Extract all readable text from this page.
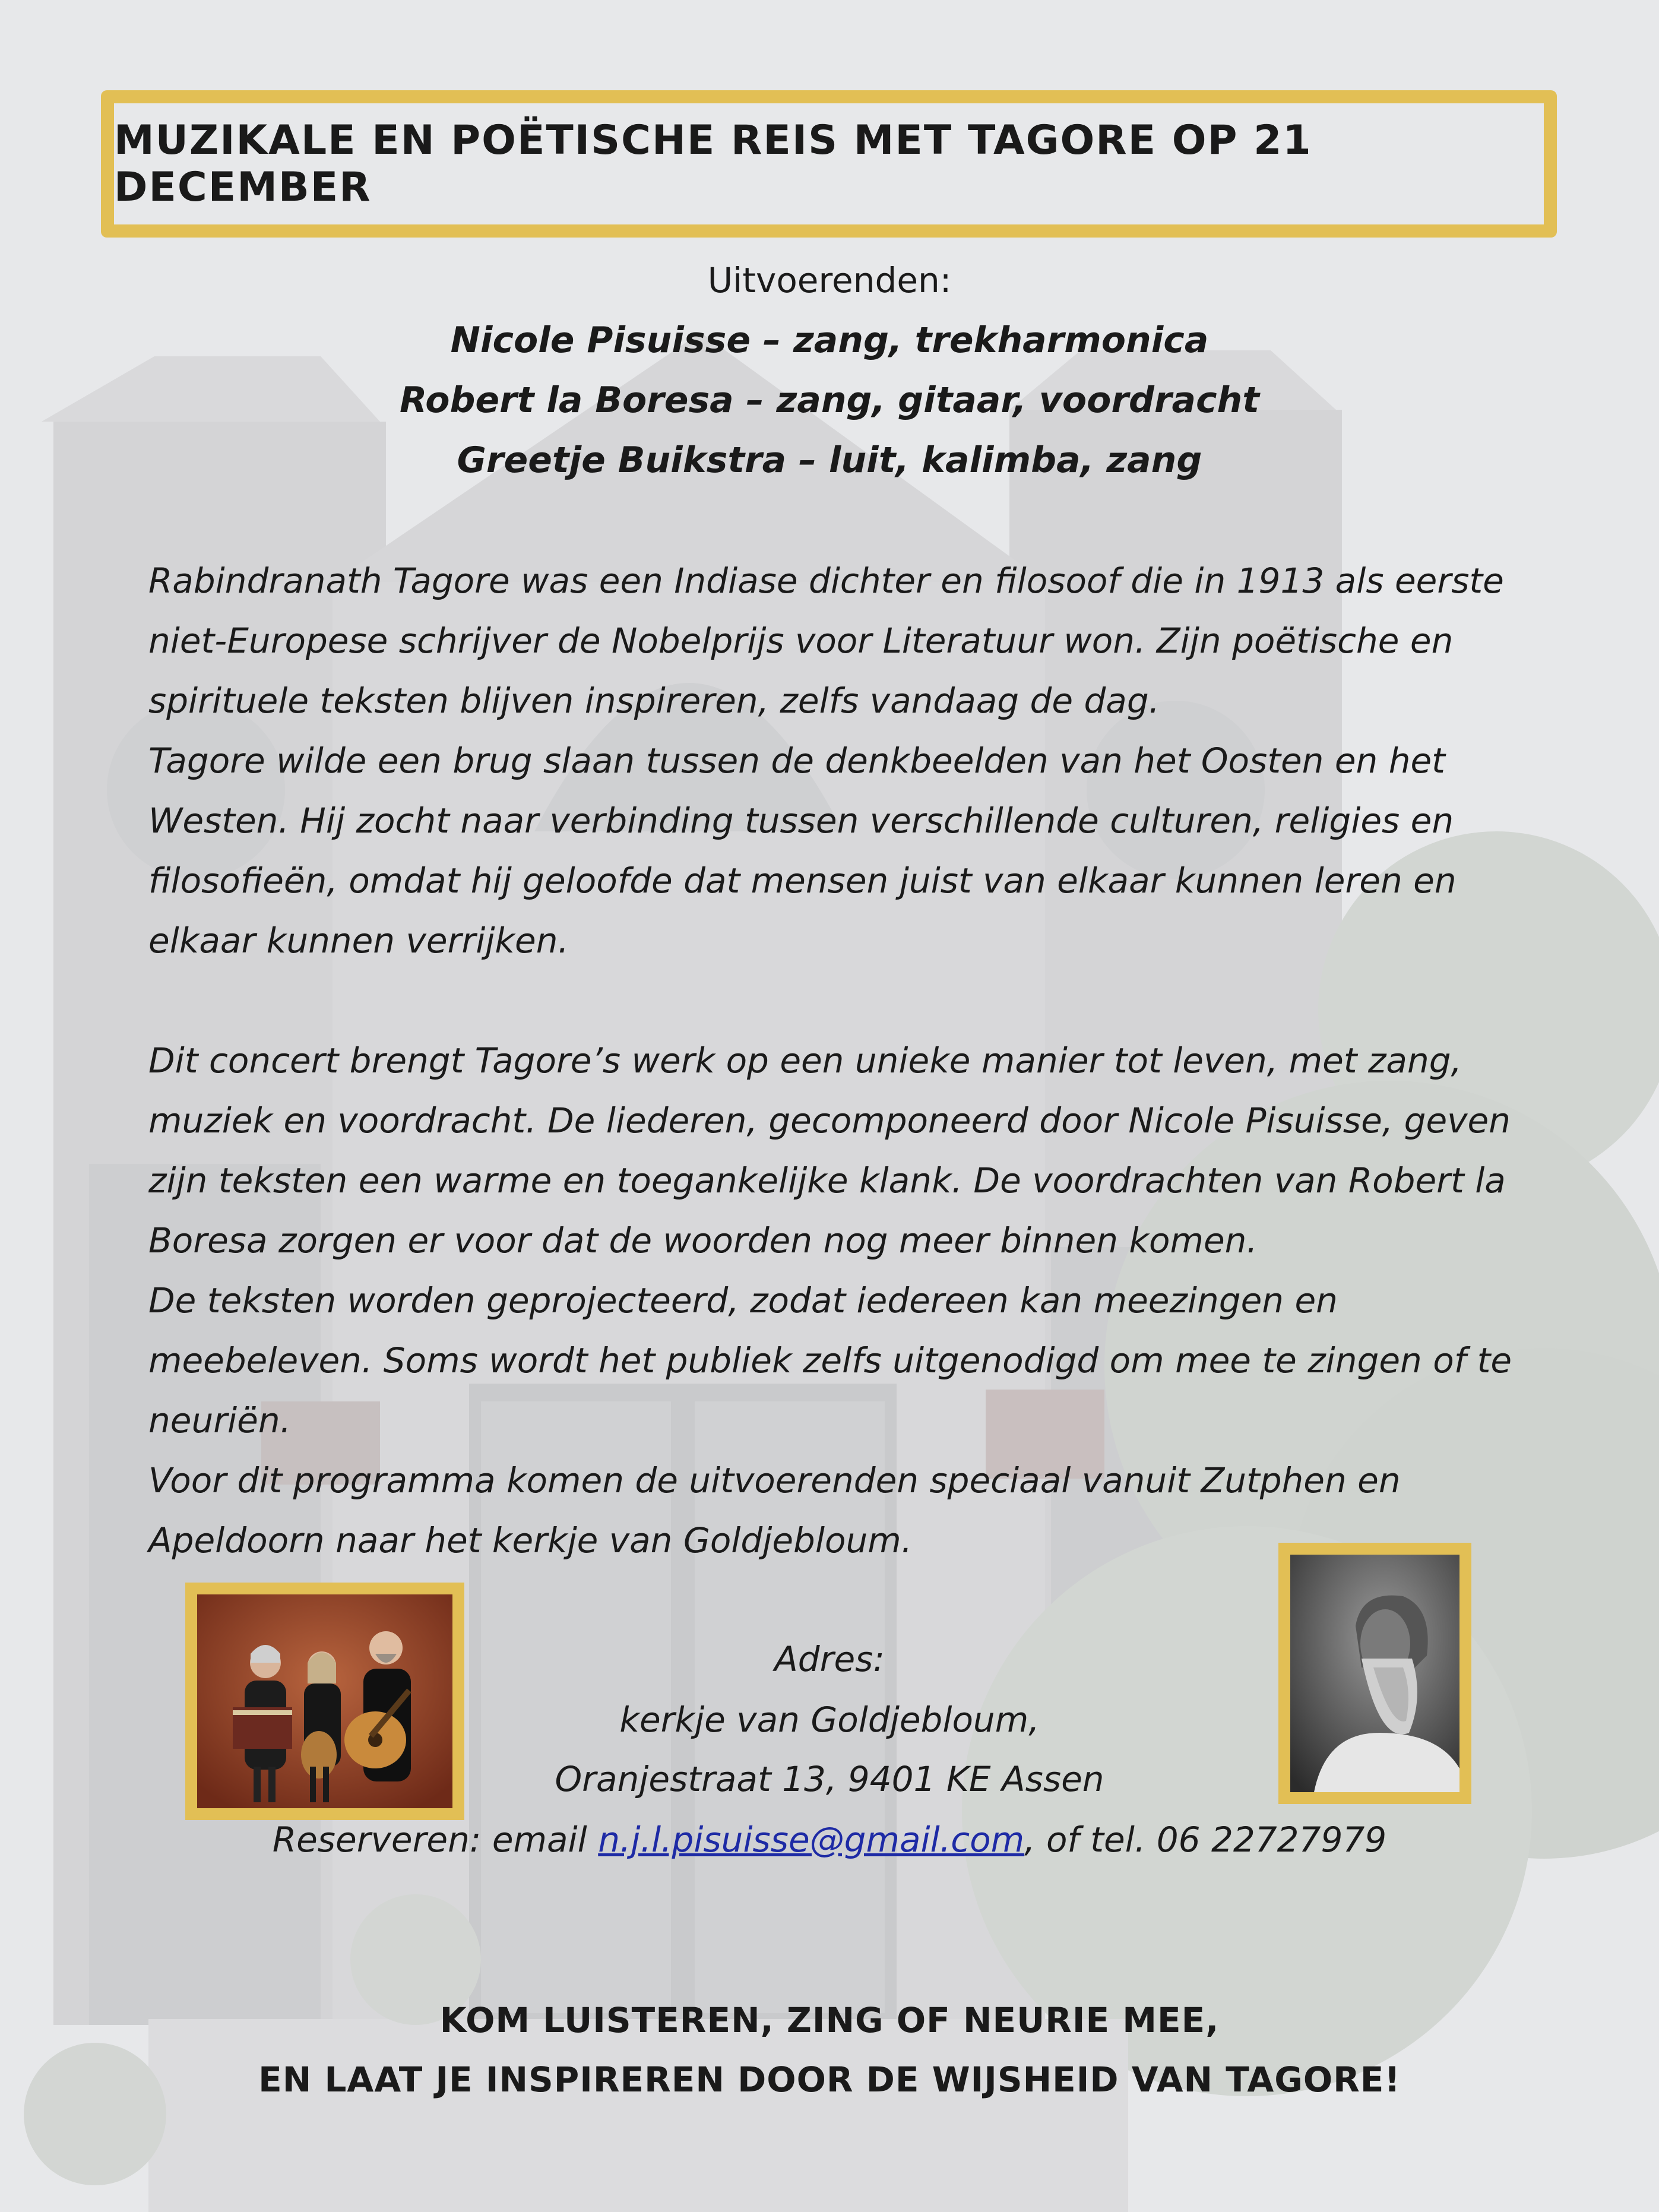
MUZIKALE EN POËTISCHE REIS MET TAGORE OP 21 DECEMBER
Uitvoerenden:
Nicole Pisuisse – zang, trekharmonica
Robert la Boresa – zang, gitaar, voordracht
Greetje Buikstra – luit, kalimba, zang

Rabindranath Tagore was een Indiase dichter en filosoof die in 1913 als eerste

niet-Europese schrijver de Nobelprijs voor Literatuur won. Zijn poëtische en

spirituele teksten blijven inspireren, zelfs vandaag de dag.

Tagore wilde een brug slaan tussen de denkbeelden van het Oosten en het

Westen. Hij zocht naar verbinding tussen verschillende culturen, religies en

filosofieën, omdat hij geloofde dat mensen juist van elkaar kunnen leren en

elkaar kunnen verrijken.

Dit concert brengt Tagore’s werk op een unieke manier tot leven, met zang,

muziek en voordracht. De liederen, gecomponeerd door Nicole Pisuisse, geven

zijn teksten een warme en toegankelijke klank. De voordrachten van Robert la

Boresa zorgen er voor dat de woorden nog meer binnen komen.

De teksten worden geprojecteerd, zodat iedereen kan meezingen en

meebeleven. Soms wordt het publiek zelfs uitgenodigd om mee te zingen of te

neuriën.

Voor dit programma komen de uitvoerenden speciaal vanuit Zutphen en

Apeldoorn naar het kerkje van Goldjebloum.

Adres:
kerkje van Goldjebloum,
Oranjestraat 13, 9401 KE Assen
Reserveren: email n.j.l.pisuisse@gmail.com, of tel. 06 22727979
KOM LUISTEREN, ZING OF NEURIE MEE,
EN LAAT JE INSPIREREN DOOR DE WIJSHEID VAN TAGORE!
